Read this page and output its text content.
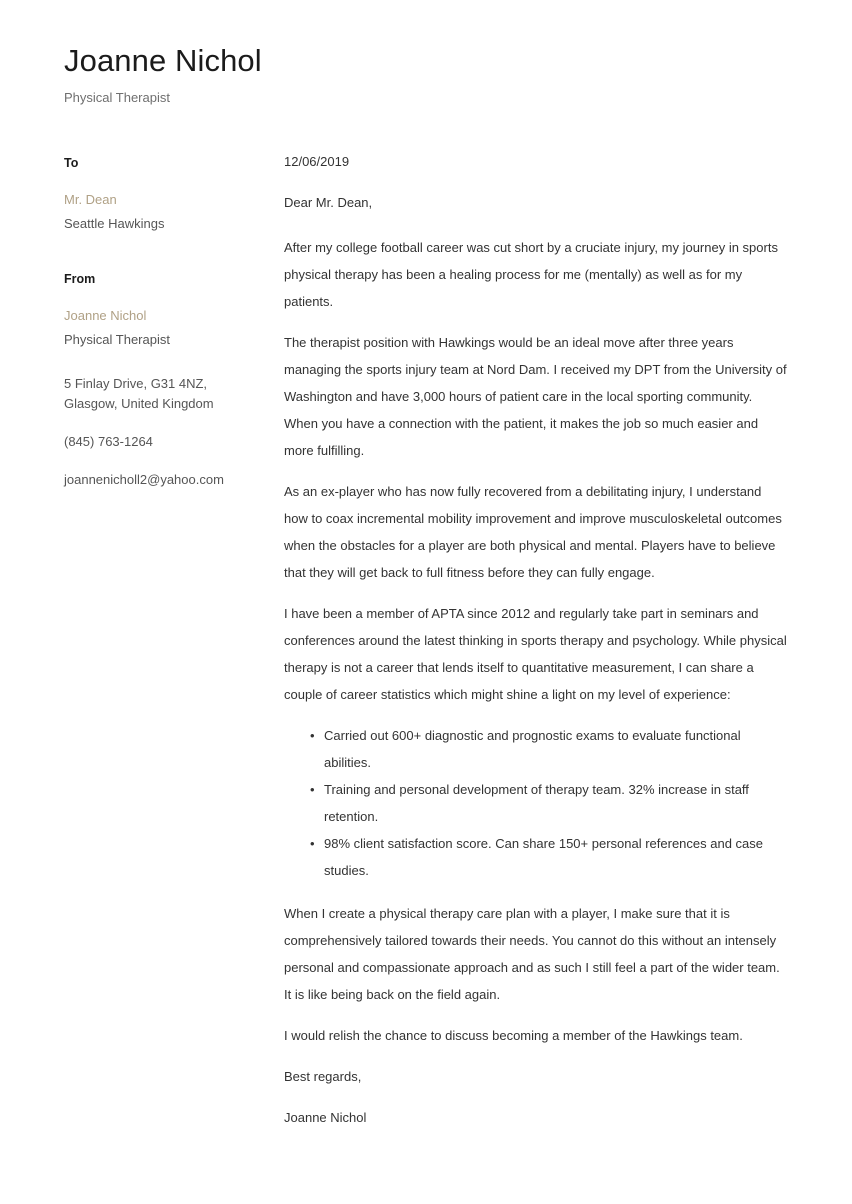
Joanne Nichol
Physical Therapist
To
Mr. Dean
Seattle Hawkings
From
Joanne Nichol
Physical Therapist
5 Finlay Drive, G31 4NZ,
Glasgow, United Kingdom
(845) 763-1264
joannenicholl2@yahoo.com
12/06/2019
Dear Mr. Dean,

After my college football career was cut short by a cruciate injury, my journey in sports physical therapy has been a healing process for me (mentally) as well as for my patients.

The therapist position with Hawkings would be an ideal move after three years managing the sports injury team at Nord Dam. I received my DPT from the University of Washington and have 3,000 hours of patient care in the local sporting community. When you have a connection with the patient, it makes the job so much easier and more fulfilling.

As an ex-player who has now fully recovered from a debilitating injury, I understand how to coax incremental mobility improvement and improve musculoskeletal outcomes when the obstacles for a player are both physical and mental. Players have to believe that they will get back to full fitness before they can fully engage.

I have been a member of APTA since 2012 and regularly take part in seminars and conferences around the latest thinking in sports therapy and psychology. While physical therapy is not a career that lends itself to quantitative measurement, I can share a couple of career statistics which might shine a light on my level of experience:

• Carried out 600+ diagnostic and prognostic exams to evaluate functional abilities.
• Training and personal development of therapy team. 32% increase in staff retention.
• 98% client satisfaction score. Can share 150+ personal references and case studies.

When I create a physical therapy care plan with a player, I make sure that it is comprehensively tailored towards their needs. You cannot do this without an intensely personal and compassionate approach and as such I still feel a part of the wider team. It is like being back on the field again.

I would relish the chance to discuss becoming a member of the Hawkings team.

Best regards,
Joanne Nichol
